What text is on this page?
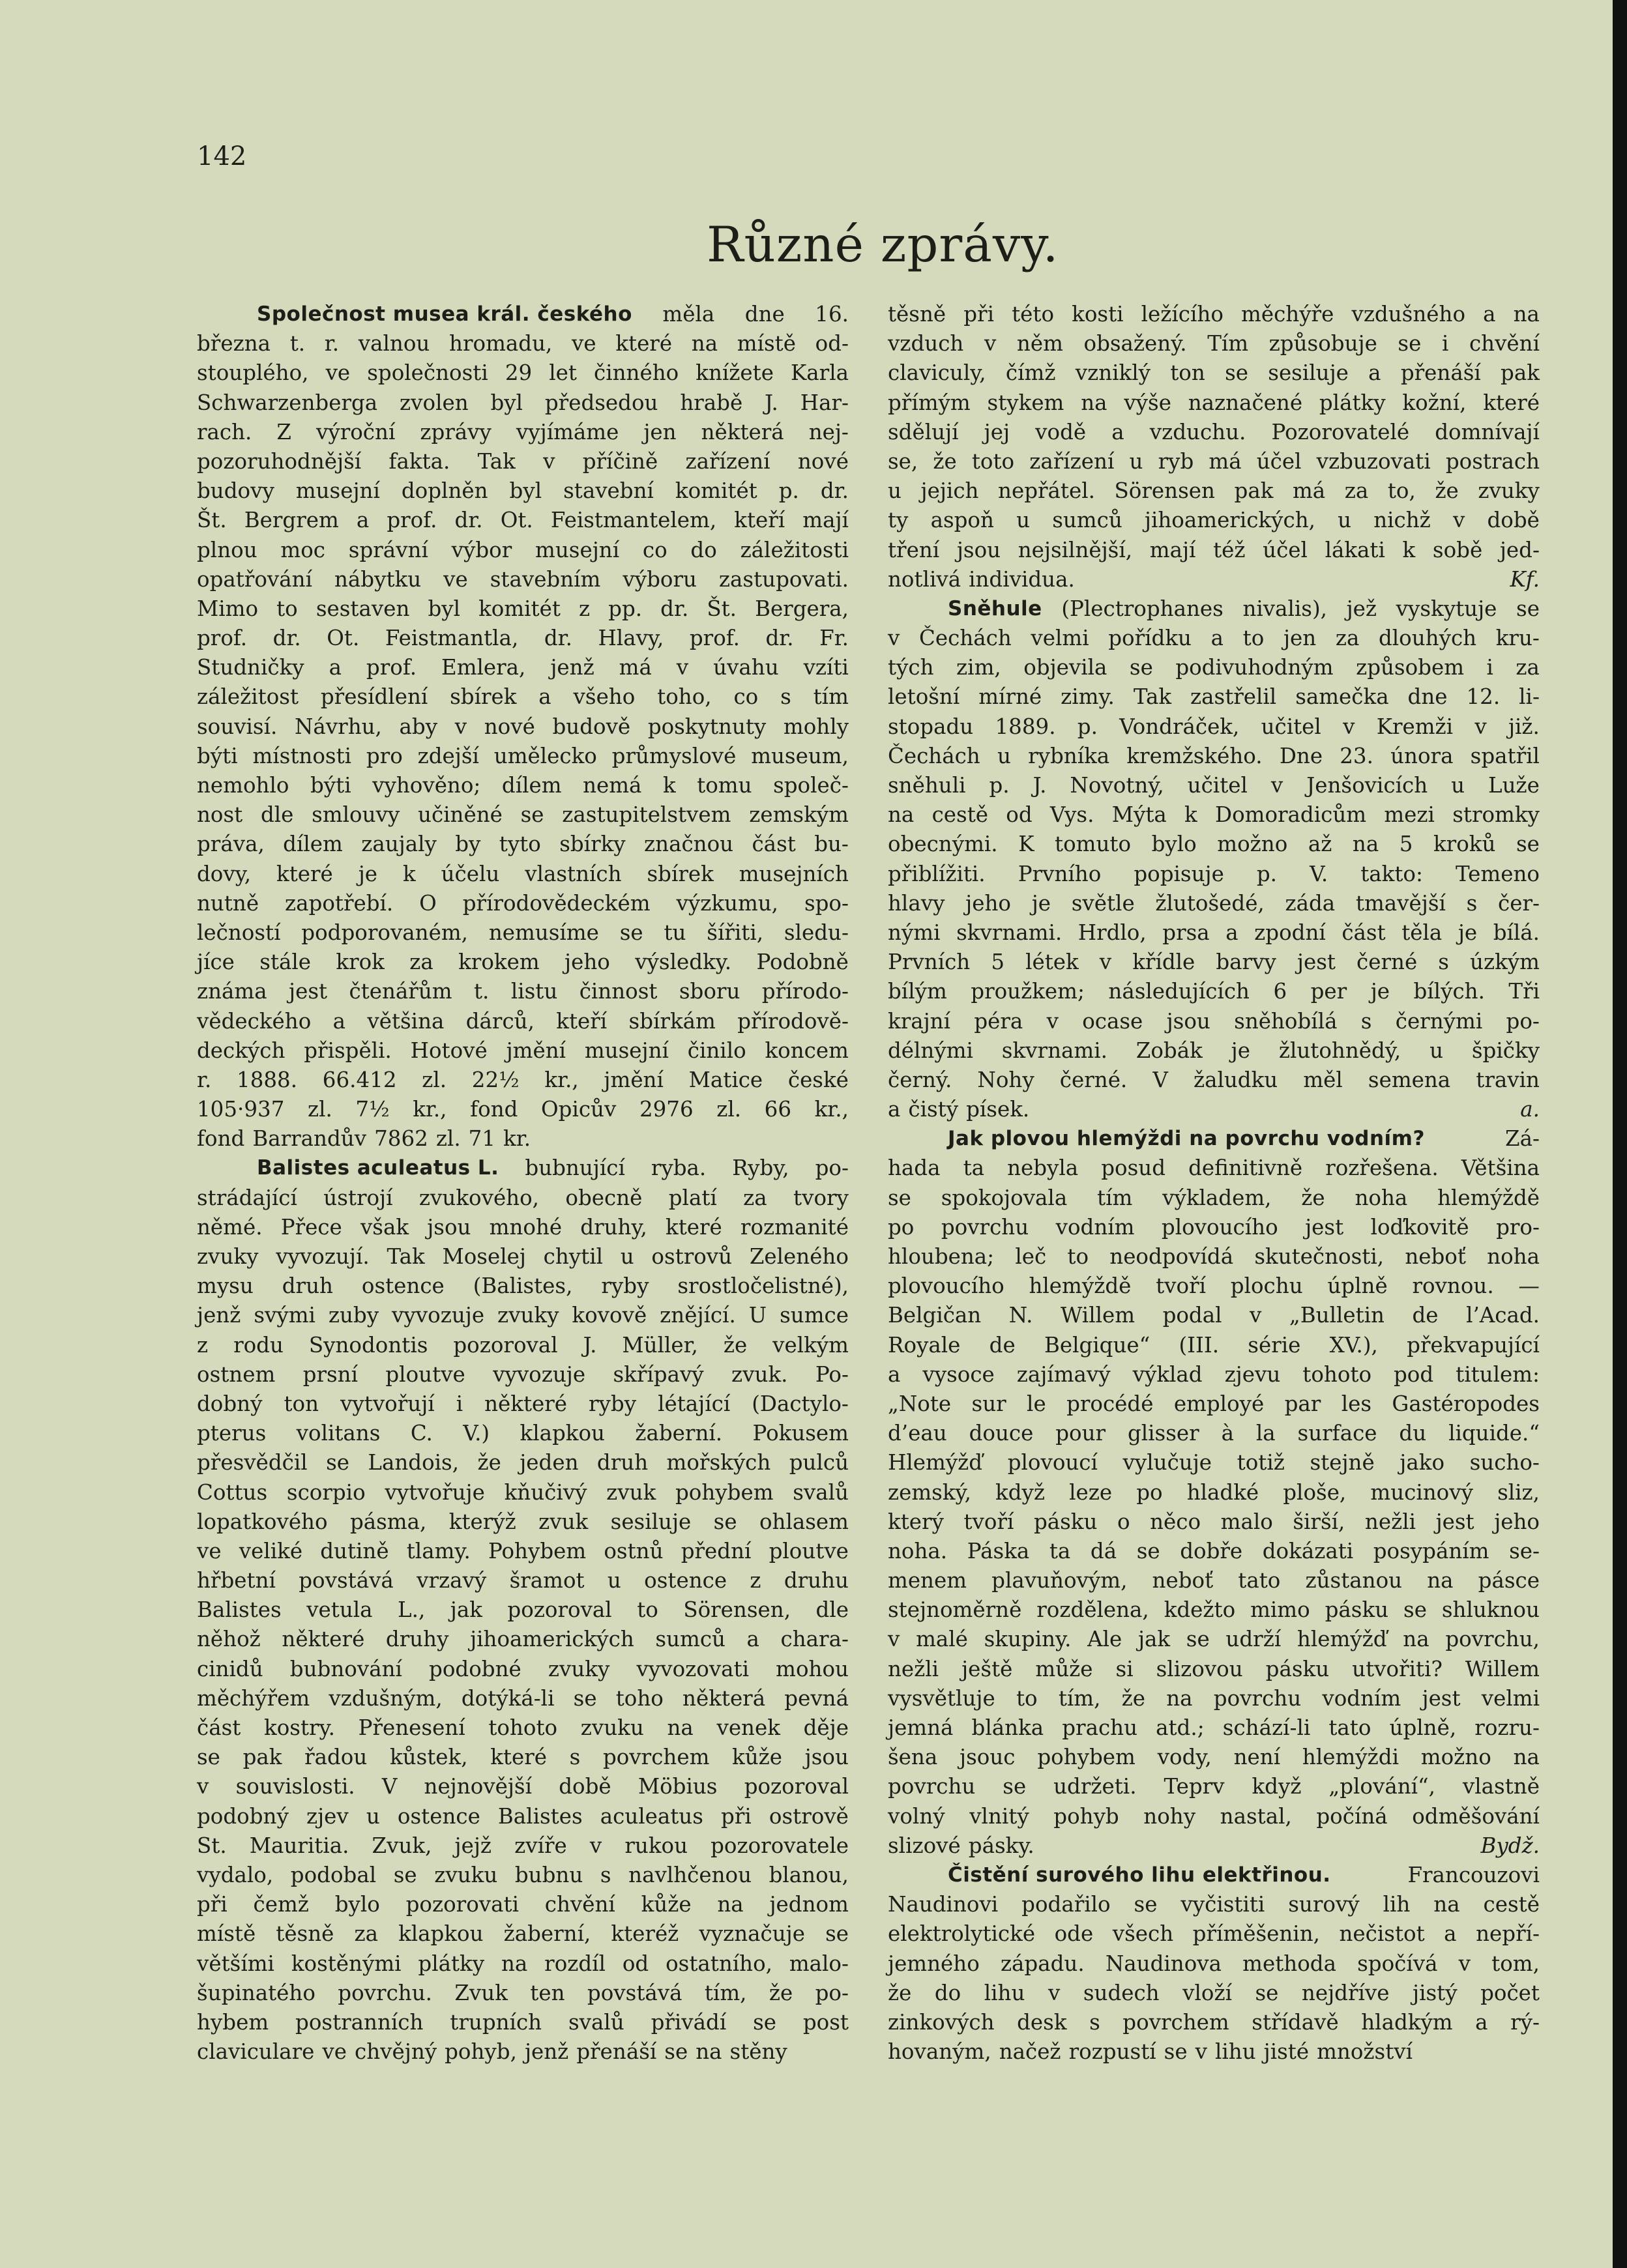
142
Různé zprávy.
Společnost musea král. českého měla dne 16.
března t. r. valnou hromadu, ve které na místě od-
stouplého, ve společnosti 29 let činného knížete Karla
Schwarzenberga zvolen byl předsedou hrabě J. Har-
rach. Z výroční zprávy vyjímáme jen některá nej-
pozoruhodnější fakta. Tak v příčině zařízení nové
budovy musejní doplněn byl stavební komitét p. dr.
Št. Bergrem a prof. dr. Ot. Feistmantelem, kteří mají
plnou moc správní výbor musejní co do záležitosti
opatřování nábytku ve stavebním výboru zastupovati.
Mimo to sestaven byl komitét z pp. dr. Št. Bergera,
prof. dr. Ot. Feistmantla, dr. Hlavy, prof. dr. Fr.
Studničky a prof. Emlera, jenž má v úvahu vzíti
záležitost přesídlení sbírek a všeho toho, co s tím
souvisí. Návrhu, aby v nové budově poskytnuty mohly
býti místnosti pro zdejší umělecko průmyslové museum,
nemohlo býti vyhověno; dílem nemá k tomu společ-
nost dle smlouvy učiněné se zastupitelstvem zemským
práva, dílem zaujaly by tyto sbírky značnou část bu-
dovy, které je k účelu vlastních sbírek musejních
nutně zapotřebí. O přírodovědeckém výzkumu, spo-
lečností podporovaném, nemusíme se tu šířiti, sledu-
jíce stále krok za krokem jeho výsledky. Podobně
známa jest čtenářům t. listu činnost sboru přírodo-
vědeckého a většina dárců, kteří sbírkám přírodově-
deckých přispěli. Hotové jmění musejní činilo koncem
r. 1888. 66.412 zl. 22½ kr., jmění Matice české
105·937 zl. 7½ kr., fond Opicův 2976 zl. 66 kr.,
fond Barrandův 7862 zl. 71 kr.
Balistes aculeatus L. bubnující ryba. Ryby, po-
strádající ústrojí zvukového, obecně platí za tvory
němé. Přece však jsou mnohé druhy, které rozmanité
zvuky vyvozují. Tak Moselej chytil u ostrovů Zeleného
mysu druh ostence (Balistes, ryby srostločelistné),
jenž svými zuby vyvozuje zvuky kovově znějící. U sumce
z rodu Synodontis pozoroval J. Müller, že velkým
ostnem prsní ploutve vyvozuje skřípavý zvuk. Po-
dobný ton vytvořují i některé ryby létající (Dactylo-
pterus volitans C. V.) klapkou žaberní. Pokusem
přesvědčil se Landois, že jeden druh mořských pulců
Cottus scorpio vytvořuje kňučivý zvuk pohybem svalů
lopatkového pásma, kterýž zvuk sesiluje se ohlasem
ve veliké dutině tlamy. Pohybem ostnů přední ploutve
hřbetní povstává vrzavý šramot u ostence z druhu
Balistes vetula L., jak pozoroval to Sörensen, dle
něhož některé druhy jihoamerických sumců a chara-
cinidů bubnování podobné zvuky vyvozovati mohou
měchýřem vzdušným, dotýká-li se toho některá pevná
část kostry. Přenesení tohoto zvuku na venek děje
se pak řadou kůstek, které s povrchem kůže jsou
v souvislosti. V nejnovější době Möbius pozoroval
podobný zjev u ostence Balistes aculeatus při ostrově
St. Mauritia. Zvuk, jejž zvíře v rukou pozorovatele
vydalo, podobal se zvuku bubnu s navlhčenou blanou,
při čemž bylo pozorovati chvění kůže na jednom
místě těsně za klapkou žaberní, kteréž vyznačuje se
většími kostěnými plátky na rozdíl od ostatního, malo-
šupinatého povrchu. Zvuk ten povstává tím, že po-
hybem postranních trupních svalů přivádí se post
claviculare ve chvějný pohyb, jenž přenáší se na stěny
těsně při této kosti ležícího měchýře vzdušného a na
vzduch v něm obsažený. Tím způsobuje se i chvění
claviculy, čímž vzniklý ton se sesiluje a přenáší pak
přímým stykem na výše naznačené plátky kožní, které
sdělují jej vodě a vzduchu. Pozorovatelé domnívají
se, že toto zařízení u ryb má účel vzbuzovati postrach
u jejich nepřátel. Sörensen pak má za to, že zvuky
ty aspoň u sumců jihoamerických, u nichž v době
tření jsou nejsilnější, mají též účel lákati k sobě jed-
notlivá individua.	Kf.
Sněhule (Plectrophanes nivalis), jež vyskytuje se
v Čechách velmi pořídku a to jen za dlouhých kru-
tých zim, objevila se podivuhodným způsobem i za
letošní mírné zimy. Tak zastřelil samečka dne 12. li-
stopadu 1889. p. Vondráček, učitel v Kremži v již.
Čechách u rybníka kremžského. Dne 23. února spatřil
sněhuli p. J. Novotný, učitel v Jenšovicích u Luže
na cestě od Vys. Mýta k Domoradicům mezi stromky
obecnými. K tomuto bylo možno až na 5 kroků se
přiblížiti. Prvního popisuje p. V. takto: Temeno
hlavy jeho je světle žlutošedé, záda tmavější s čer-
nými skvrnami. Hrdlo, prsa a zpodní část těla je bílá.
Prvních 5 létek v křídle barvy jest černé s úzkým
bílým proužkem; následujících 6 per je bílých. Tři
krajní péra v ocase jsou sněhobílá s černými po-
délnými skvrnami. Zobák je žlutohnědý, u špičky
černý. Nohy černé. V žaludku měl semena travin
a čistý písek.	a.
Jak plovou hlemýždi na povrchu vodním?	Zá-
hada ta nebyla posud definitivně rozřešena. Většina
se spokojovala tím výkladem, že noha hlemýždě
po povrchu vodním plovoucího jest loďkovitě pro-
hloubena; leč to neodpovídá skutečnosti, neboť noha
plovoucího hlemýždě tvoří plochu úplně rovnou. —
Belgičan N. Willem podal v „Bulletin de l’Acad.
Royale de Belgique“ (III. série XV.), překvapující
a vysoce zajímavý výklad zjevu tohoto pod titulem:
„Note sur le procédé employé par les Gastéropodes
d’eau douce pour glisser à la surface du liquide.“
Hlemýžď plovoucí vylučuje totiž stejně jako sucho-
zemský, když leze po hladké ploše, mucinový sliz,
který tvoří pásku o něco malo širší, nežli jest jeho
noha. Páska ta dá se dobře dokázati posypáním se-
menem plavuňovým, neboť tato zůstanou na pásce
stejnoměrně rozdělena, kdežto mimo pásku se shluknou
v malé skupiny. Ale jak se udrží hlemýžď na povrchu,
nežli ještě může si slizovou pásku utvořiti? Willem
vysvětluje to tím, že na povrchu vodním jest velmi
jemná blánka prachu atd.; schází-li tato úplně, rozru-
šena jsouc pohybem vody, není hlemýždi možno na
povrchu se udržeti. Teprv když „plování“, vlastně
volný vlnitý pohyb nohy nastal, počíná odměšování
slizové pásky.	Bydž.
Čistění surového lihu elektřinou.	Francouzovi
Naudinovi podařilo se vyčistiti surový lih na cestě
elektrolytické ode všech příměšenin, nečistot a nepří-
jemného západu. Naudinova methoda spočívá v tom,
že do lihu v sudech vloží se nejdříve jistý počet
zinkových desk s povrchem střídavě hladkým a rý-
hovaným, načež rozpustí se v lihu jisté množství
